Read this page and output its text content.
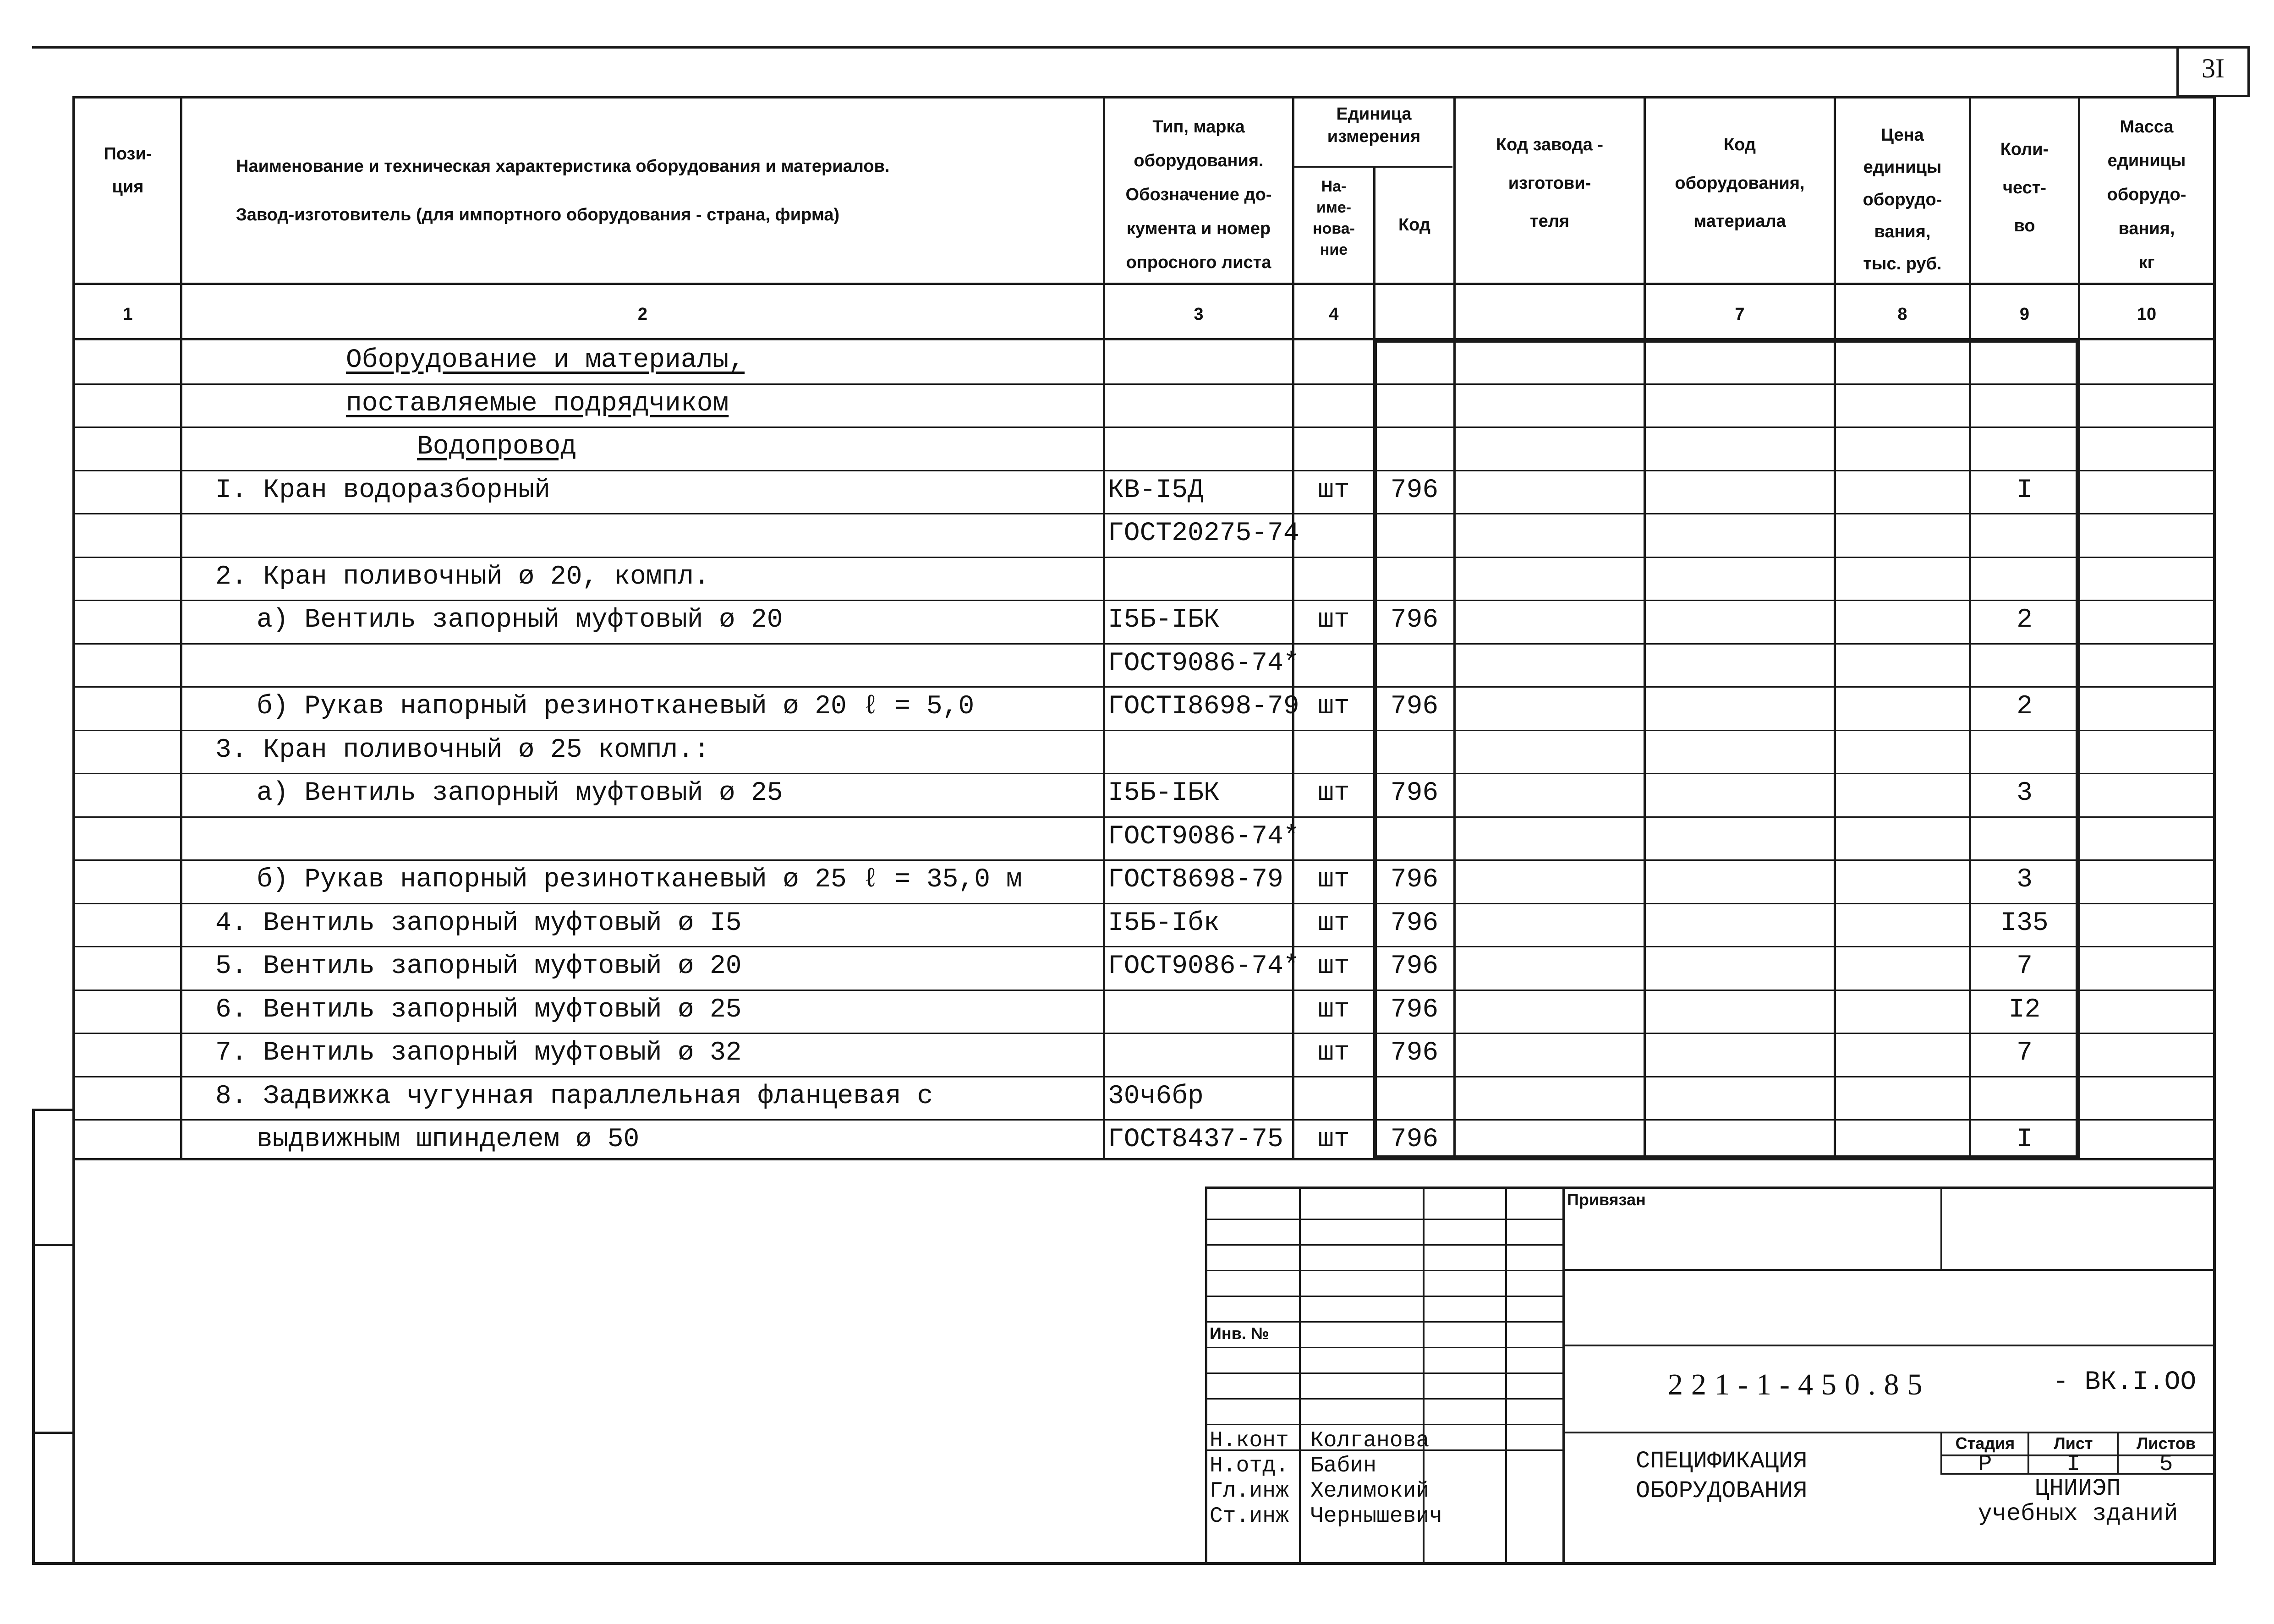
3I
Пози-
ция
Наименование и техническая характеристика оборудования и материалов.
Завод-изготовитель (для импортного оборудования - страна, фирма)
Тип, марка
оборудования.
Обозначение до-
кумента и номер
опросного листа
Единица
измерения
На-
име-
нова-
ние
Код
Код завода -
изготови-
теля
Код
оборудования,
материала
Цена
единицы
оборудо-
вания,
тыс. руб.
Коли-
чест-
во
Масса
единицы
оборудо-
вания,
кг
1	2	3	4	7	8	9	10
Оборудование и материалы,
поставляемые подрядчиком
Водопровод
I. Кран водоразборный	КВ-I5Д	шт	796	I
ГОСТ20275-74
2. Кран поливочный ø 20, компл.
а) Вентиль запорный муфтовый ø 20	I5Б-IБК	шт	796	2
ГОСТ9086-74*
б) Рукав напорный резинотканевый ø 20 ℓ = 5,0	ГОСТI8698-79 шт	796	2
3. Кран поливочный ø 25 компл.:
а) Вентиль запорный муфтовый ø 25	I5Б-IБК	шт	796	3
ГОСТ9086-74*
б) Рукав напорный резинотканевый ø 25 ℓ = 35,0 м	ГОСТ8698-79	шт	796	3
4. Вентиль запорный муфтовый ø I5	I5Б-Iбк	шт	796	I35
5. Вентиль запорный муфтовый ø 20	ГОСТ9086-74* шт	796	7
6. Вентиль запорный муфтовый ø 25	шт	796	I2
7. Вентиль запорный муфтовый ø 32	шт	796	7
8. Задвижка чугунная параллельная фланцевая с	30ч6бр
выдвижным шпинделем ø 50	ГОСТ8437-75	шт	796	I
Привязан
Инв. №
221-1-450.85	- ВК.I.ОО
СПЕЦИФИКАЦИЯ
ОБОРУДОВАНИЯ
Стадия	Лист	Листов
Р	I	5
ЦНИИЭП
учебных зданий
Н.конт Колганова
Н.отд. Бабин
Гл.инж Хелимокий
Ст.инж Чернышевич
